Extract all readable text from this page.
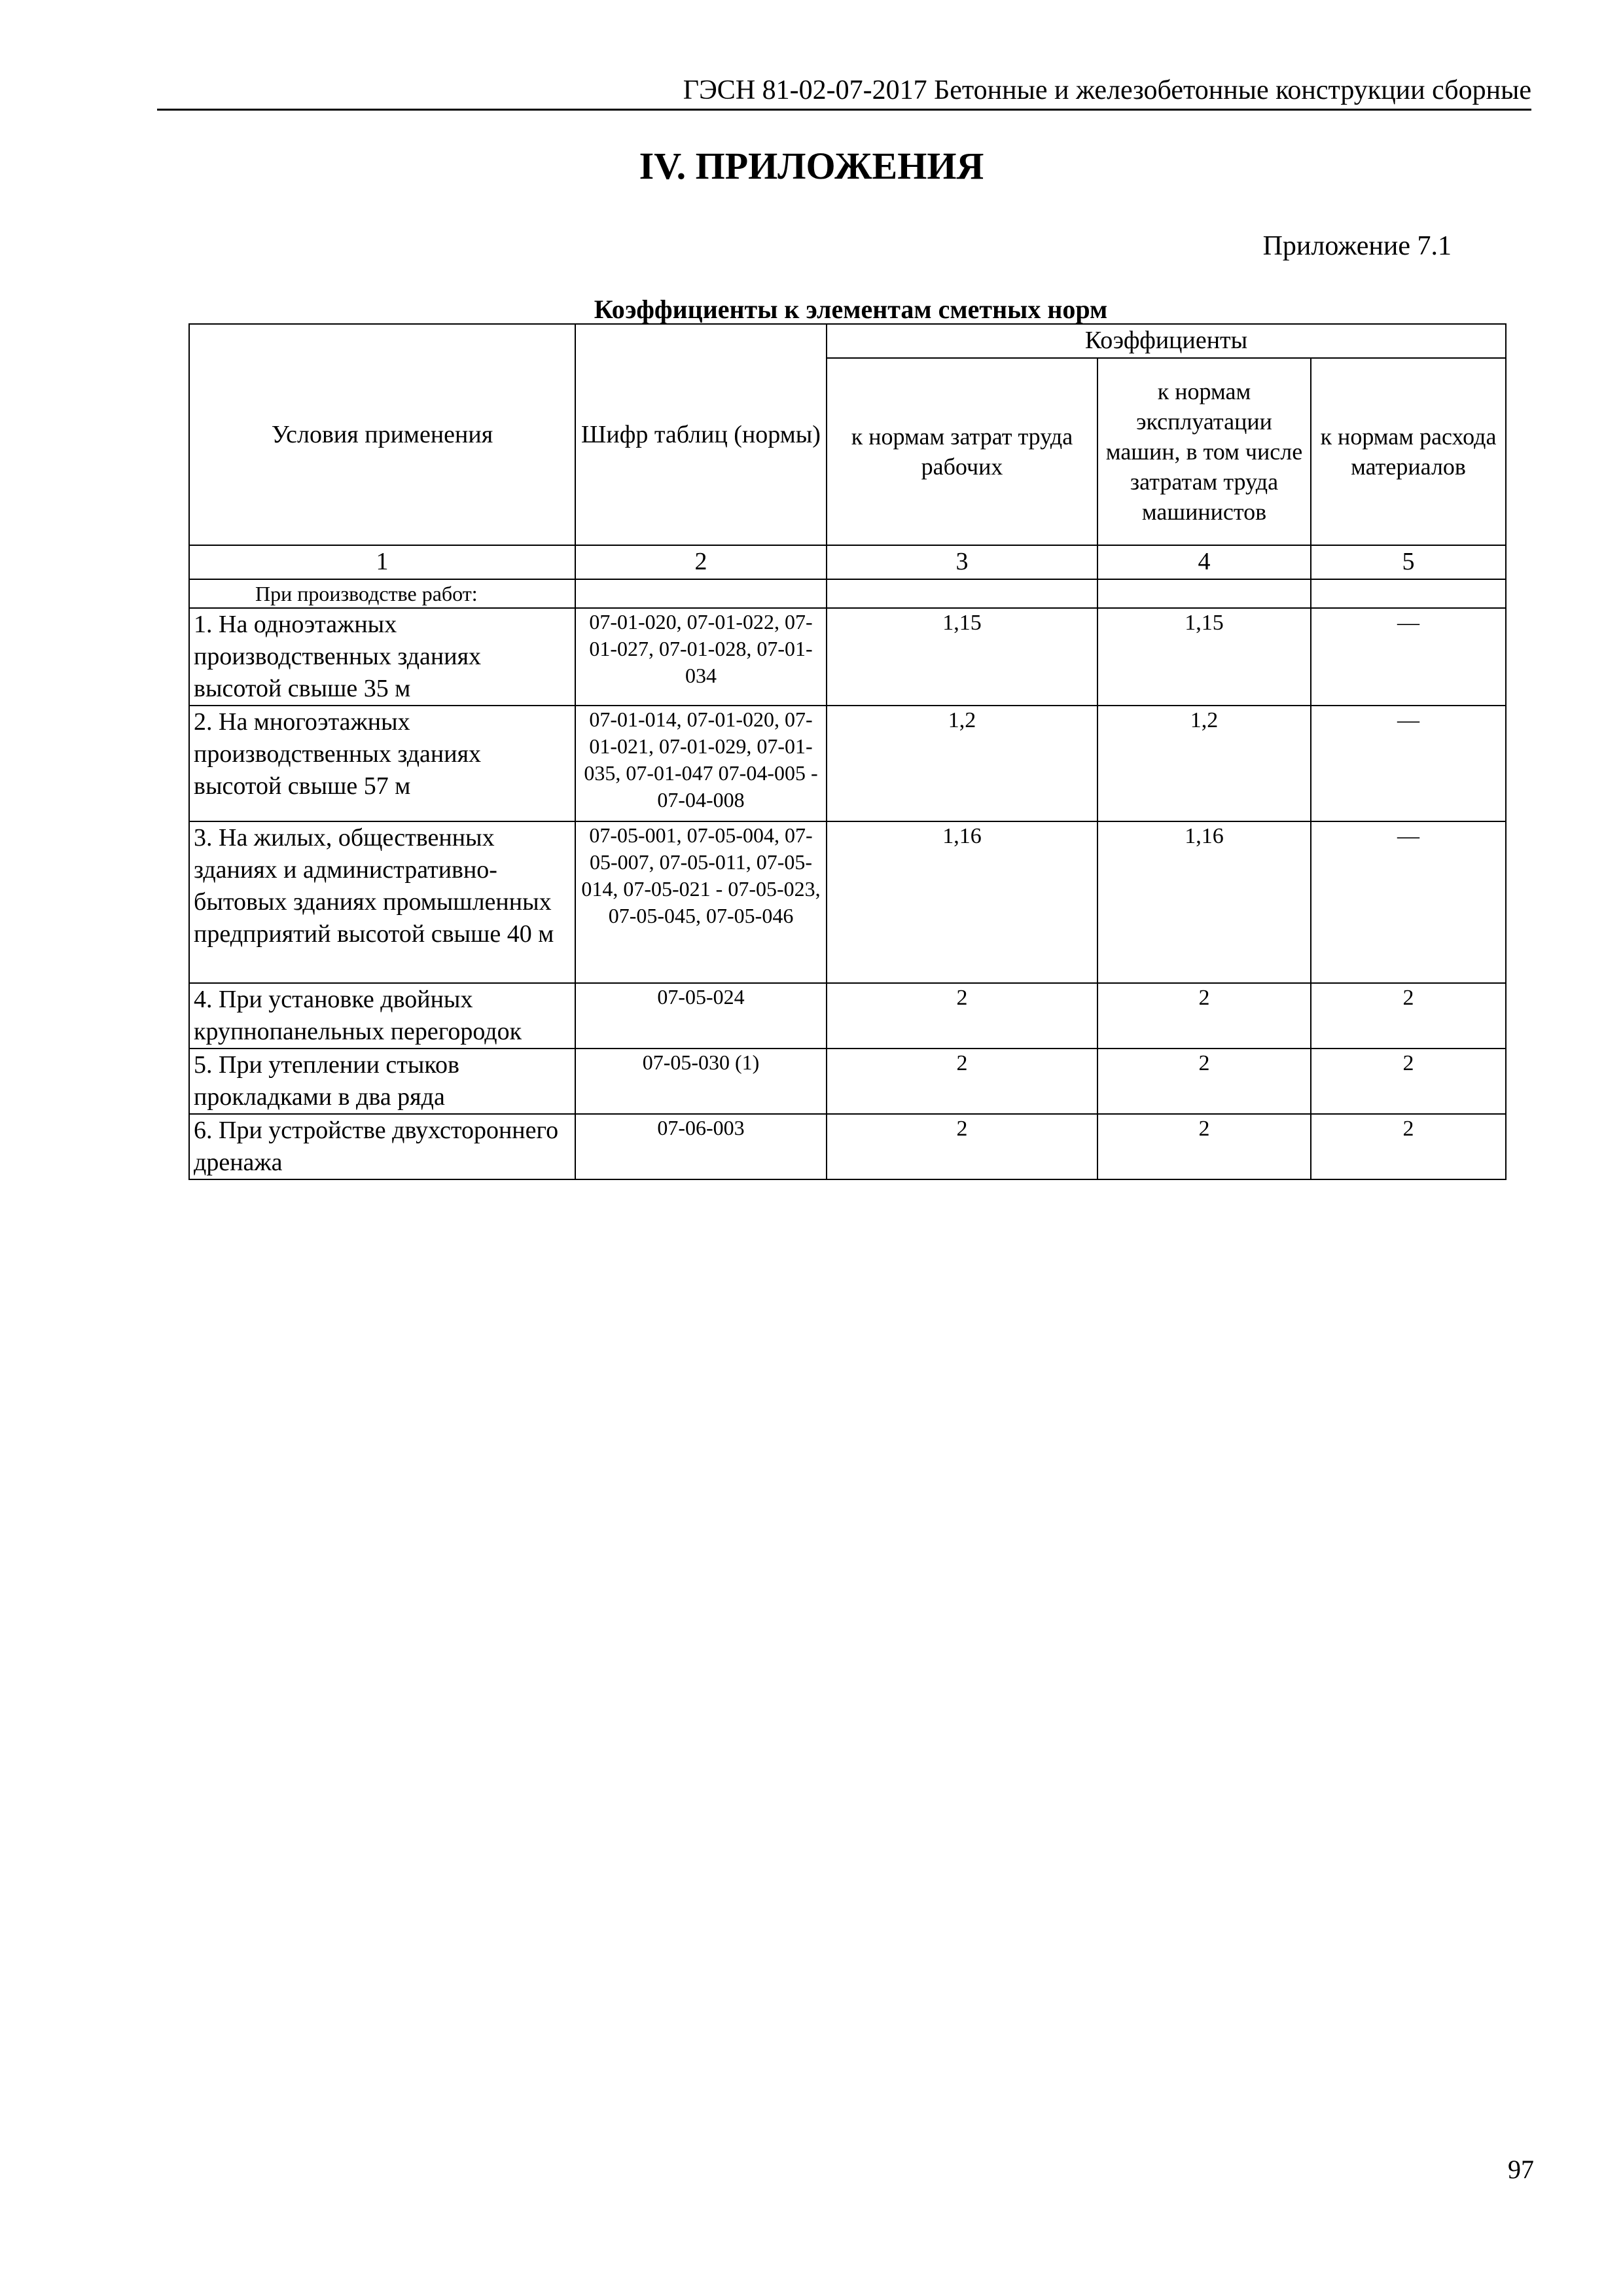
ГЭСН 81-02-07-2017 Бетонные и железобетонные конструкции сборные
IV. ПРИЛОЖЕНИЯ
Приложение 7.1
Коэффициенты к элементам сметных норм
Условия применения	Шифр таблиц (нормы)	Коэффициенты		
		к нормам затрат труда рабочих	к нормам эксплуатации машин, в том числе затратам труда машинистов	к нормам расхода материалов
1	2	3	4	5
При производстве работ:				
1. На одноэтажных производственных зданиях высотой свыше 35 м	07-01-020, 07-01-022, 07-01-027, 07-01-028, 07-01-034	1,15	1,15	—
2. На многоэтажных производственных зданиях высотой свыше 57 м	07-01-014, 07-01-020, 07-01-021, 07-01-029, 07-01-035, 07-01-047 07-04-005 - 07-04-008	1,2	1,2	—
3. На жилых, общественных зданиях и административно-бытовых зданиях промышленных предприятий высотой свыше 40 м	07-05-001, 07-05-004, 07-05-007, 07-05-011, 07-05-014, 07-05-021 - 07-05-023, 07-05-045, 07-05-046	1,16	1,16	—
4. При установке двойных крупнопанельных перегородок	07-05-024	2	2	2
5. При утеплении стыков прокладками в два ряда	07-05-030 (1)	2	2	2
6. При устройстве двухстороннего дренажа	07-06-003	2	2	2
97
